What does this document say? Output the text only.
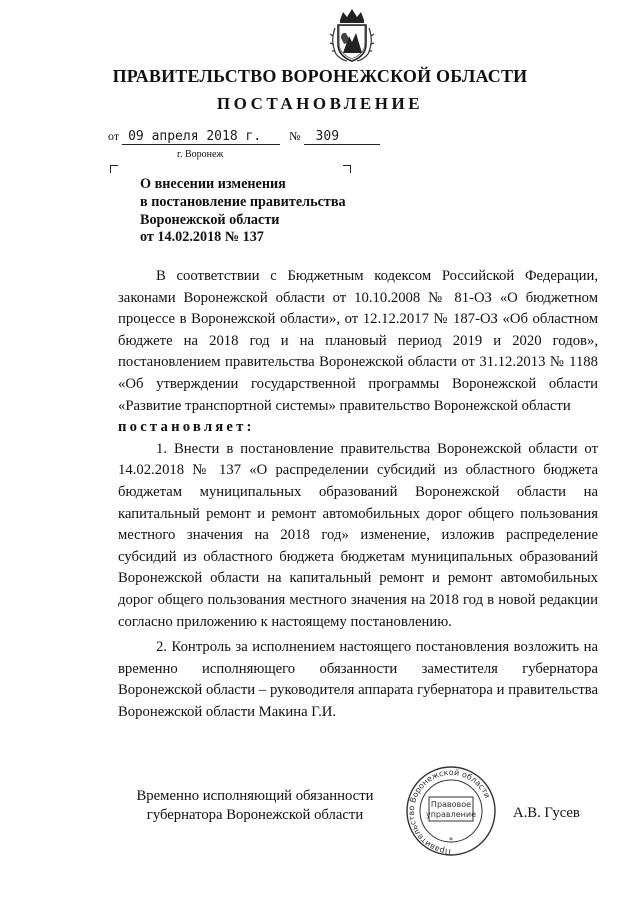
ПРАВИТЕЛЬСТВО ВОРОНЕЖСКОЙ ОБЛАСТИ
ПОСТАНОВЛЕНИЕ
от 09 апреля 2018 г. № 309
г. Воронеж
О внесении изменения
в постановление правительства
Воронежской области
от 14.02.2018 № 137

В соответствии с Бюджетным кодексом Российской Федерации, законами Воронежской области от 10.10.2008 № 81-ОЗ «О бюджетном процессе в Воронежской области», от 12.12.2017 № 187-ОЗ «Об областном бюджете на 2018 год и на плановый период 2019 и 2020 годов», постановлением правительства Воронежской области от 31.12.2013 № 1188 «Об утверждении государственной программы Воронежской области «Развитие транспортной системы» правительство Воронежской области

постановляет:

1. Внести в постановление правительства Воронежской области от 14.02.2018 № 137 «О распределении субсидий из областного бюджета бюджетам муниципальных образований Воронежской области на капитальный ремонт и ремонт автомобильных дорог общего пользования местного значения на 2018 год» изменение, изложив распределение субсидий из областного бюджета бюджетам муниципальных образований Воронежской области на капитальный ремонт и ремонт автомобильных дорог общего пользования местного значения на 2018 год в новой редакции согласно приложению к настоящему постановлению.

2. Контроль за исполнением настоящего постановления возложить на временно исполняющего обязанности заместителя губернатора Воронежской области – руководителя аппарата губернатора и правительства Воронежской области Макина Г.И.

Временно исполняющий обязанности
губернатора Воронежской области
Правительство Воронежской области
Правовое
управление
*
А.В. Гусев
